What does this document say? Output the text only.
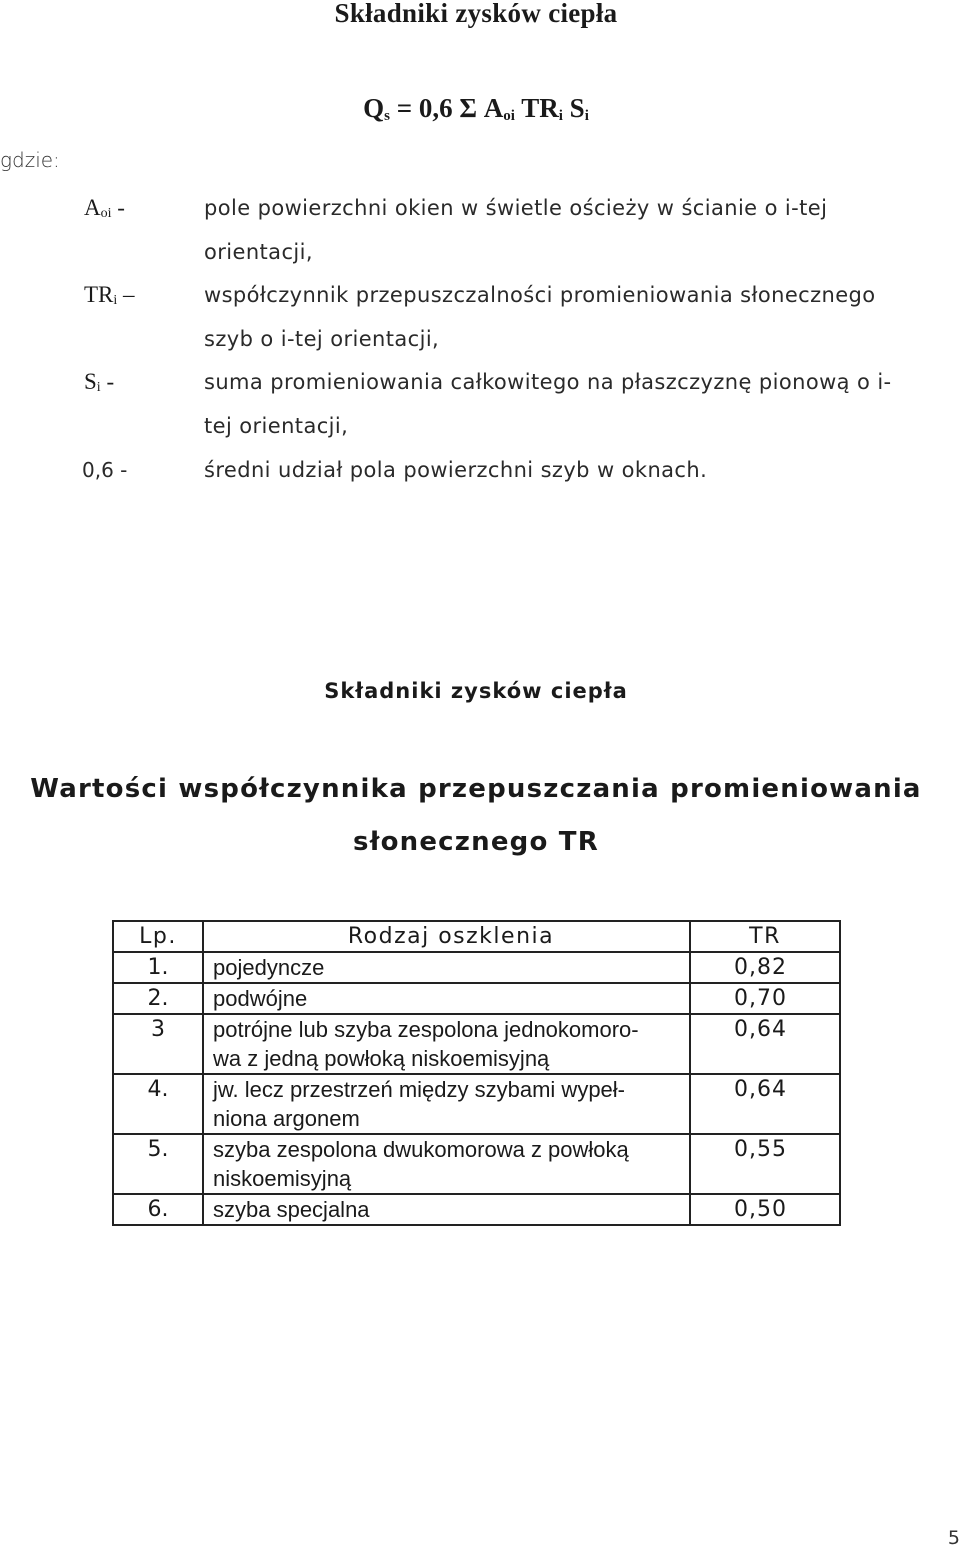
Składniki zysków ciepła
$Q_s = 0,6$ Σ $A_{oi}$ $TR_i$ $S_i$
gdzie:
$A_{oi}$ -	pole powierzchni okien w świetle ościeży w ścianie o i-tej
orientacji,
$TR_i$ –	współczynnik przepuszczalności promieniowania słonecznego
szyb o i-tej orientacji,
$S_i$ -	suma promieniowania całkowitego na płaszczyznę pionową o i-
tej orientacji,
0,6 -	średni udział pola powierzchni szyb w oknach.
Składniki zysków ciepła
Wartości współczynnika przepuszczania promieniowania
słonecznego TR
Lp.	Rodzaj oszklenia	TR
1.	pojedyncze	0,82
2.	podwójne	0,70
3	potrójne lub szyba zespolona jednokomoro-
wa z jedną powłoką niskoemisyjną	0,64
4.	jw. lecz przestrzeń między szybami wypeł-
niona argonem	0,64
5.	szyba zespolona dwukomorowa z powłoką
niskoemisyjną	0,55
6.	szyba specjalna	0,50
5
